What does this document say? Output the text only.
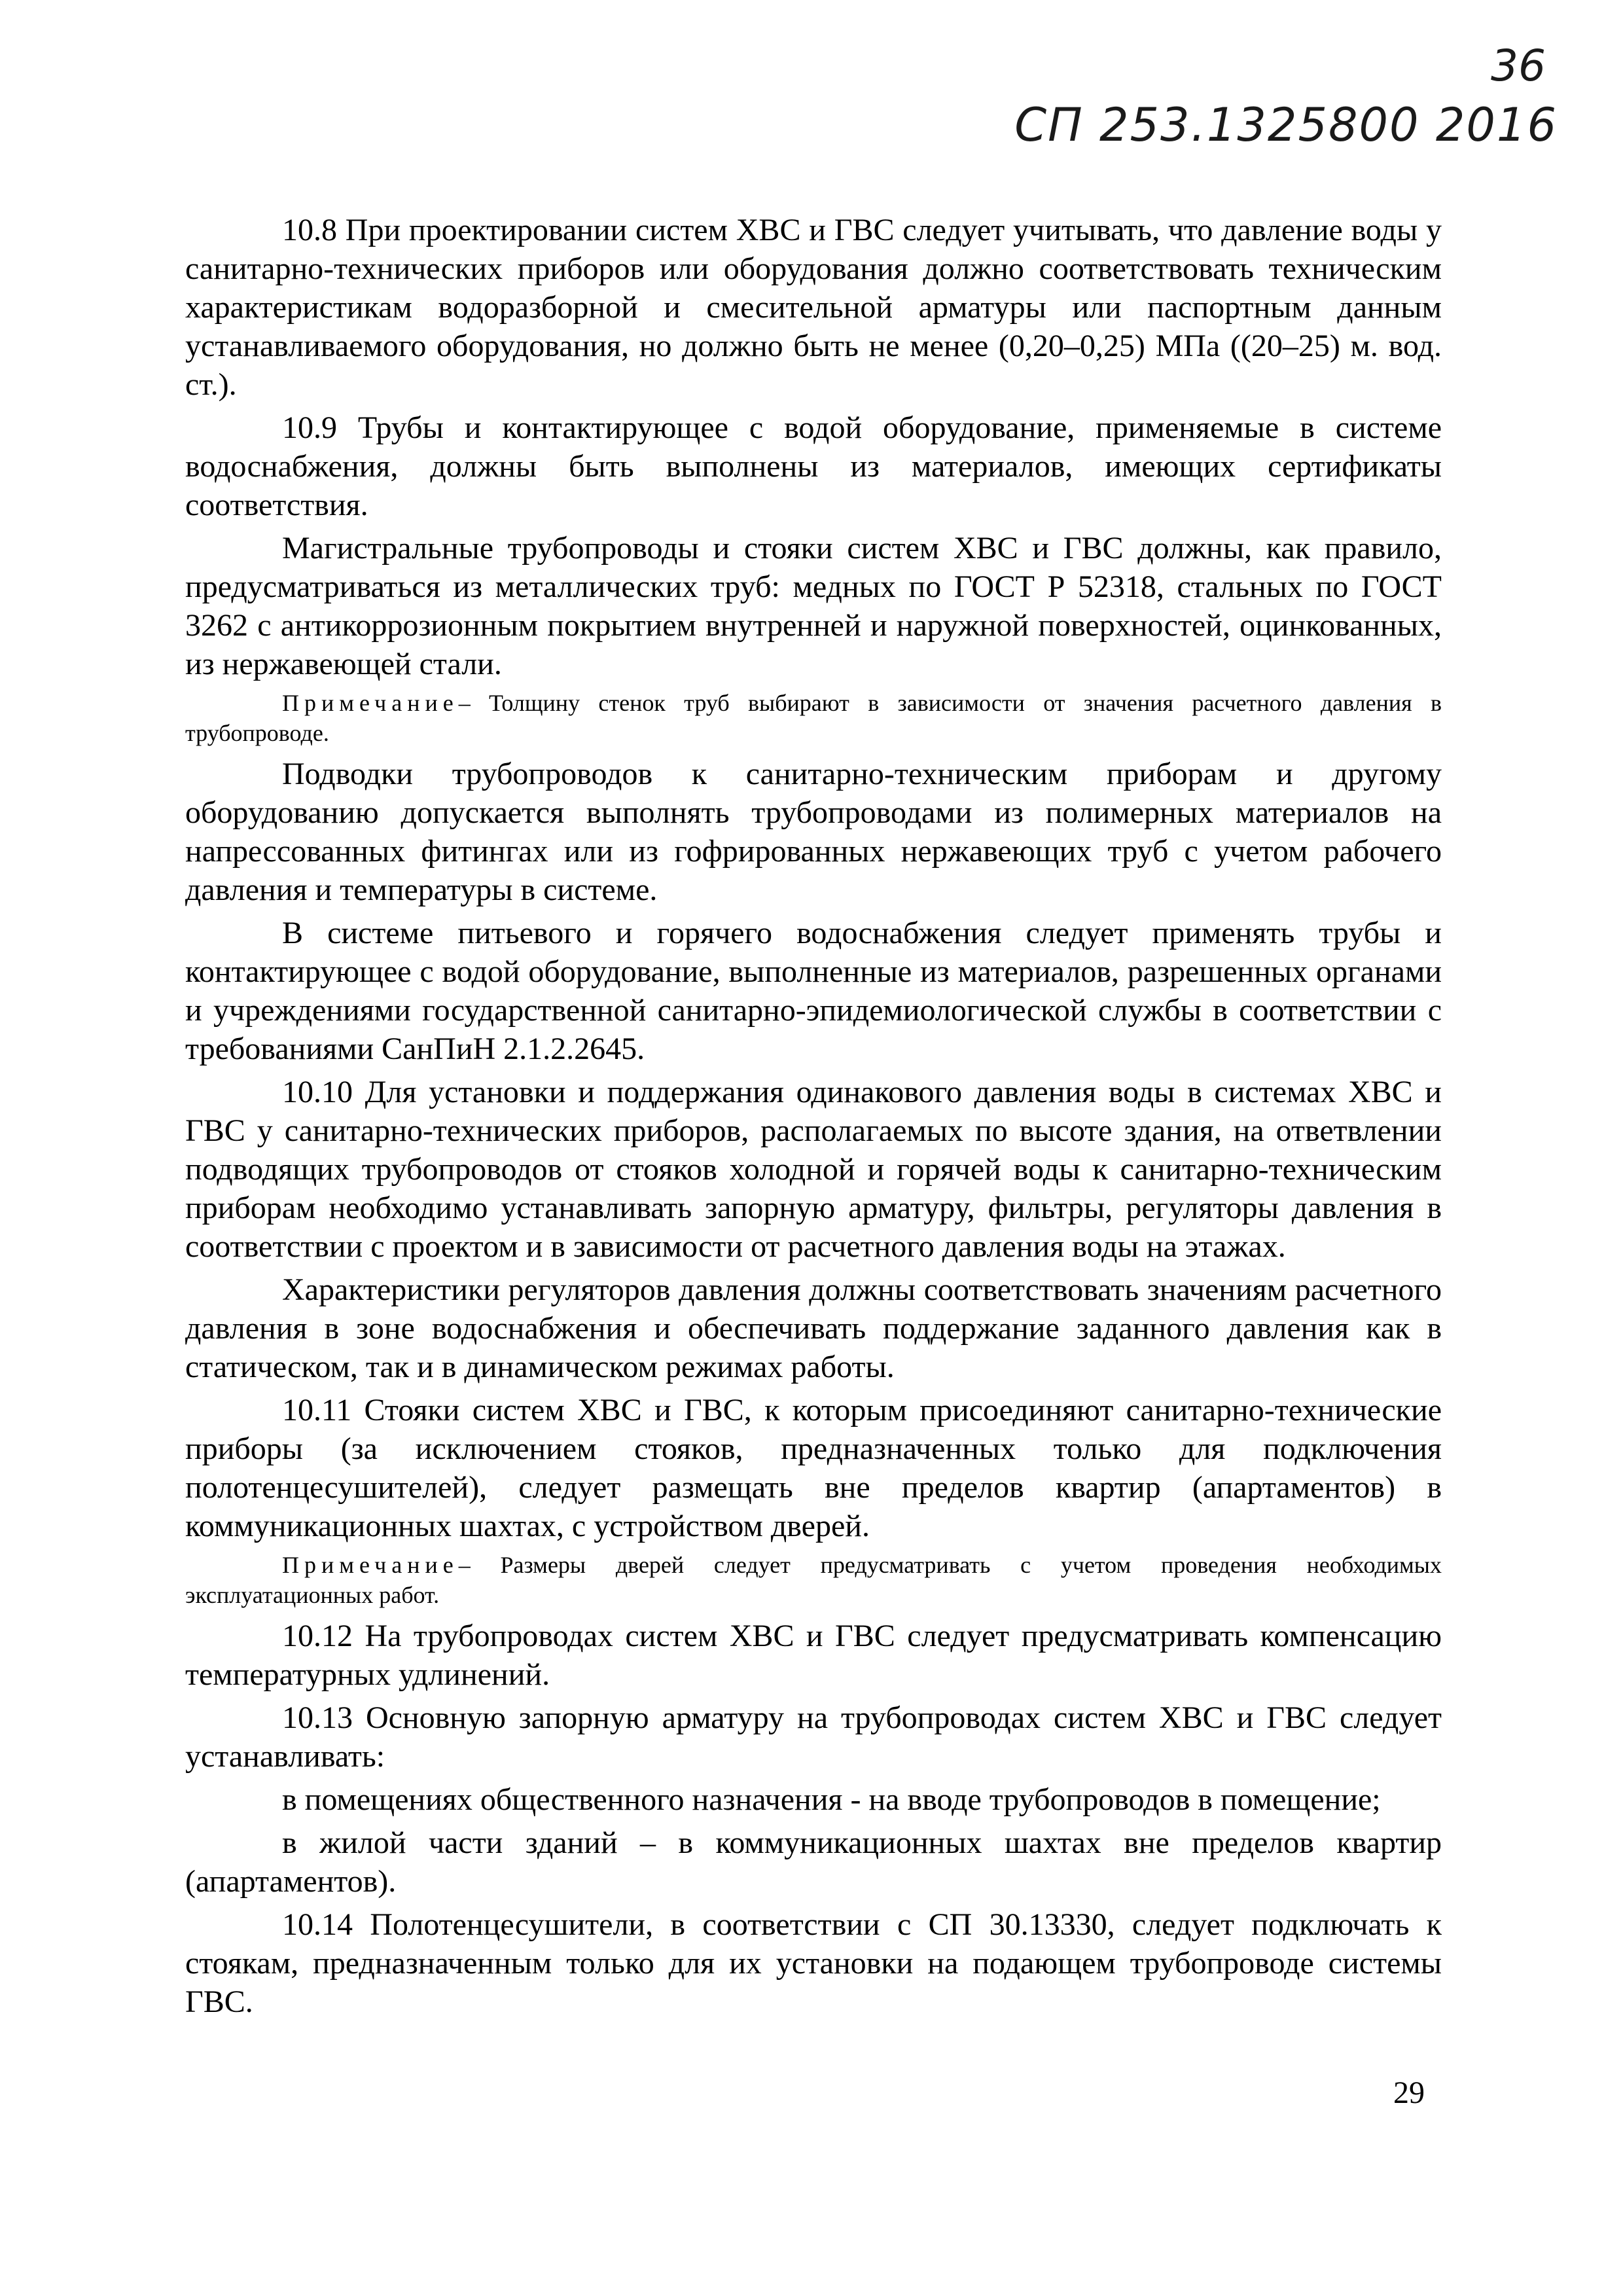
36
СП 253.1325800 2016

10.8 При проектировании систем ХВС и ГВС следует учитывать, что давление воды у санитарно-технических приборов или оборудования должно соответствовать техническим характеристикам водоразборной и смесительной арматуры или паспортным данным устанавливаемого оборудования, но должно быть не менее (0,20–0,25) МПа ((20–25) м. вод. ст.).

10.9 Трубы и контактирующее с водой оборудование, применяемые в системе водоснабжения, должны быть выполнены из материалов, имеющих сертификаты соответствия.

Магистральные трубопроводы и стояки систем ХВС и ГВС должны, как правило, предусматриваться из металлических труб: медных по ГОСТ Р 52318, стальных по ГОСТ 3262 с антикоррозионным покрытием внутренней и наружной поверхностей, оцинкованных, из нержавеющей стали.

Примечание– Толщину стенок труб выбирают в зависимости от значения расчетного давления в трубопроводе.

Подводки трубопроводов к санитарно-техническим приборам и другому оборудованию допускается выполнять трубопроводами из полимерных материалов на напрессованных фитингах или из гофрированных нержавеющих труб с учетом рабочего давления и температуры в системе.

В системе питьевого и горячего водоснабжения следует применять трубы и контактирующее с водой оборудование, выполненные из материалов, разрешенных органами и учреждениями государственной санитарно-эпидемиологической службы в соответствии с требованиями СанПиН 2.1.2.2645.

10.10 Для установки и поддержания одинакового давления воды в системах ХВС и ГВС у санитарно-технических приборов, располагаемых по высоте здания, на ответвлении подводящих трубопроводов от стояков холодной и горячей воды к санитарно-техническим приборам необходимо устанавливать запорную арматуру, фильтры, регуляторы давления в соответствии с проектом и в зависимости от расчетного давления воды на этажах.

Характеристики регуляторов давления должны соответствовать значениям расчетного давления в зоне водоснабжения и обеспечивать поддержание заданного давления как в статическом, так и в динамическом режимах работы.

10.11 Стояки систем ХВС и ГВС, к которым присоединяют санитарно-технические приборы (за исключением стояков, предназначенных только для подключения полотенцесушителей), следует размещать вне пределов квартир (апартаментов) в коммуникационных шахтах, с устройством дверей.

Примечание– Размеры дверей следует предусматривать с учетом проведения необходимых эксплуатационных работ.

10.12 На трубопроводах систем ХВС и ГВС следует предусматривать компенсацию температурных удлинений.

10.13 Основную запорную арматуру на трубопроводах систем ХВС и ГВС следует устанавливать:

в помещениях общественного назначения - на вводе трубопроводов в помещение;

в жилой части зданий – в коммуникационных шахтах вне пределов квартир (апартаментов).

10.14 Полотенцесушители, в соответствии с СП 30.13330, следует подключать к стоякам, предназначенным только для их установки на подающем трубопроводе системы ГВС.

29
